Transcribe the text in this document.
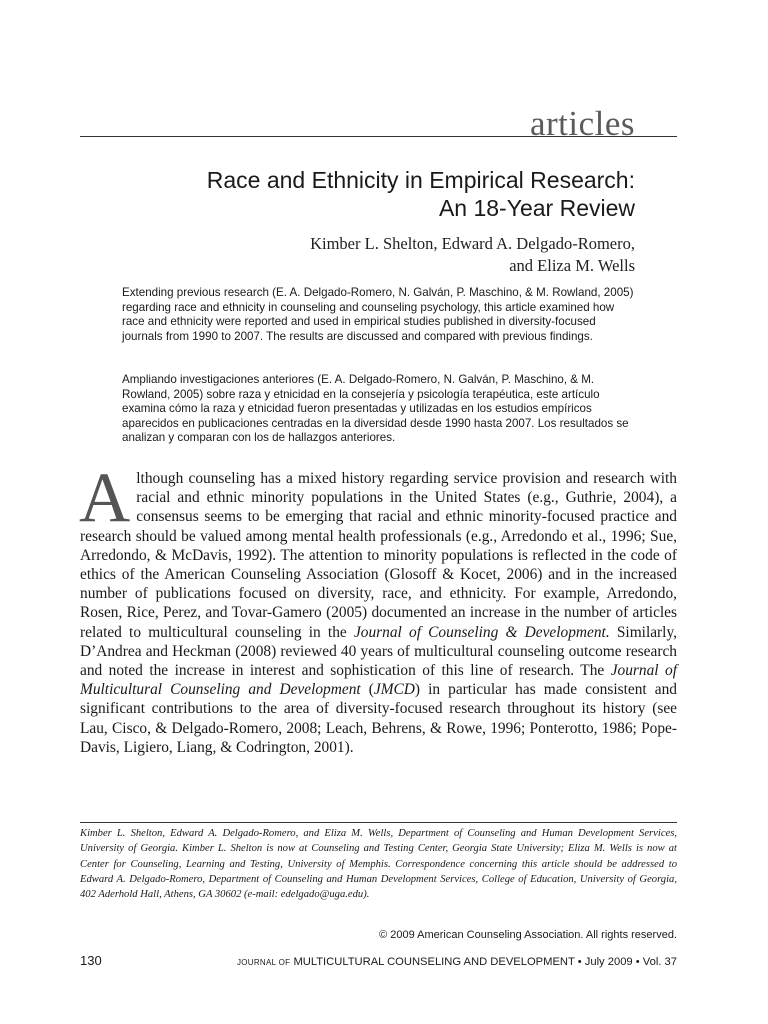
articles
Race and Ethnicity in Empirical Research:
An 18-Year Review
Kimber L. Shelton, Edward A. Delgado-Romero,
and Eliza M. Wells

Extending previous research (E. A. Delgado-Romero, N. Galván, P. Maschino, & M. Rowland, 2005) regarding race and ethnicity in counseling and counseling psychology, this article examined how race and ethnicity were reported and used in empirical studies published in diversity-focused journals from 1990 to 2007. The results are discussed and compared with previous findings.

Ampliando investigaciones anteriores (E. A. Delgado-Romero, N. Galván, P. Maschino, & M. Rowland, 2005) sobre raza y etnicidad en la consejería y psicología terapéutica, este artículo examina cómo la raza y etnicidad fueron presentadas y utilizadas en los estudios empíricos aparecidos en publicaciones centradas en la diversidad desde 1990 hasta 2007. Los resultados se analizan y comparan con los de hallazgos anteriores.

Although counseling has a mixed history regarding service provision and research with racial and ethnic minority populations in the United States (e.g., Guthrie, 2004), a consensus seems to be emerging that racial and ethnic minority-focused practice and research should be valued among mental health professionals (e.g., Arredondo et al., 1996; Sue, Arredondo, & McDavis, 1992). The attention to minority populations is reflected in the code of ethics of the American Counseling Association (Glosoff & Kocet, 2006) and in the increased number of publications focused on diversity, race, and ethnicity. For example, Arredondo, Rosen, Rice, Perez, and Tovar-Gamero (2005) documented an increase in the number of articles related to multicultural counseling in the Journal of Counseling & Development. Similarly, D’Andrea and Heckman (2008) reviewed 40 years of multicultural counseling outcome research and noted the increase in interest and sophistication of this line of research. The Journal of Multicultural Counseling and Development (JMCD) in particular has made consistent and significant contributions to the area of diversity-focused research throughout its history (see Lau, Cisco, & Delgado-Romero, 2008; Leach, Behrens, & Rowe, 1996; Ponterotto, 1986; Pope-Davis, Ligiero, Liang, & Codrington, 2001).

Kimber L. Shelton, Edward A. Delgado-Romero, and Eliza M. Wells, Department of Counseling and Human Development Services, University of Georgia. Kimber L. Shelton is now at Counseling and Testing Center, Georgia State University; Eliza M. Wells is now at Center for Counseling, Learning and Testing, University of Memphis. Correspondence concerning this article should be addressed to Edward A. Delgado-Romero, Department of Counseling and Human Development Services, College of Education, University of Georgia, 402 Aderhold Hall, Athens, GA 30602 (e-mail: edelgado@uga.edu).

© 2009 American Counseling Association. All rights reserved.
130	JOURNAL OF MULTICULTURAL COUNSELING AND DEVELOPMENT • July 2009 • Vol. 37
